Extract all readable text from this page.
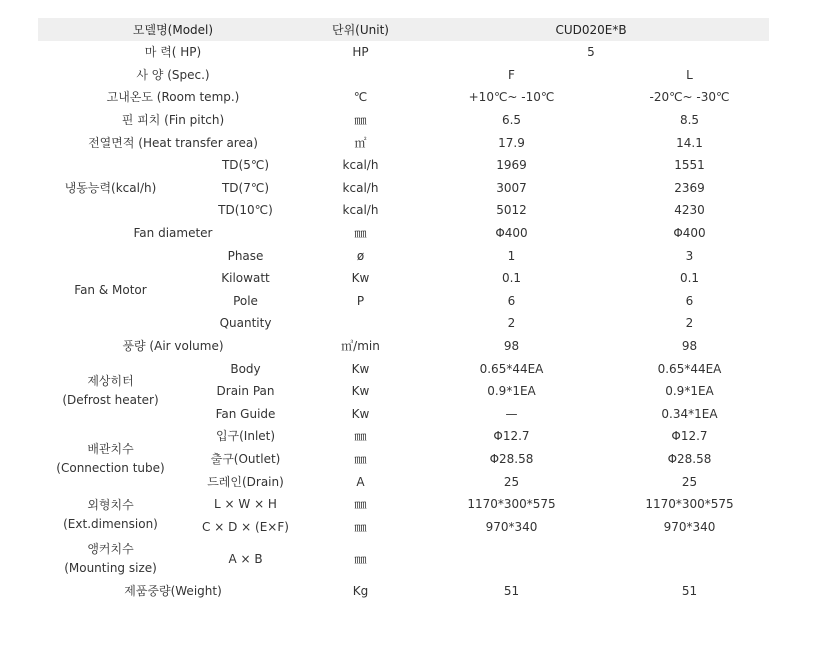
모델명(Model)		단위(Unit)		CUD020E*B			
마 력( HP)		HP		5			
사 양 (Spec.)				F			L
고내온도 (Room temp.)		℃		+10℃~ -10℃			-20℃~ -30℃
핀 피치 (Fin pitch)		㎜		6.5			8.5
전열면적 (Heat transfer area)		㎡		17.9			14.1
냉동능력(kcal/h)	TD(5℃)	kcal/h		1969			1551
	TD(7℃)	kcal/h		3007			2369
	TD(10℃)	kcal/h		5012			4230
Fan diameter		㎜		Φ400			Φ400
Fan & Motor	Phase	ø		1			3
	Kilowatt	Kw		0.1			0.1
	Pole	P		6			6
	Quantity			2			2
풍량 (Air volume)		㎥/min		98			98

제상히터
(Defrost heater)	Body	Kw		0.65*44EA			0.65*44EA
	Drain Pan	Kw		0.9*1EA			0.9*1EA
	Fan Guide	Kw		—			0.34*1EA

배관치수
(Connection tube)	입구(Inlet)	㎜		Φ12.7			Φ12.7
	출구(Outlet)	㎜		Φ28.58			Φ28.58
	드레인(Drain)	A		25			25

외형치수
(Ext.dimension)	L × W × H	㎜		1170*300*575			1170*300*575
	C × D × (E×F)	㎜		970*340			970*340

앵커치수
(Mounting size)	A × B	㎜					
제품중량(Weight)		Kg		51			51
